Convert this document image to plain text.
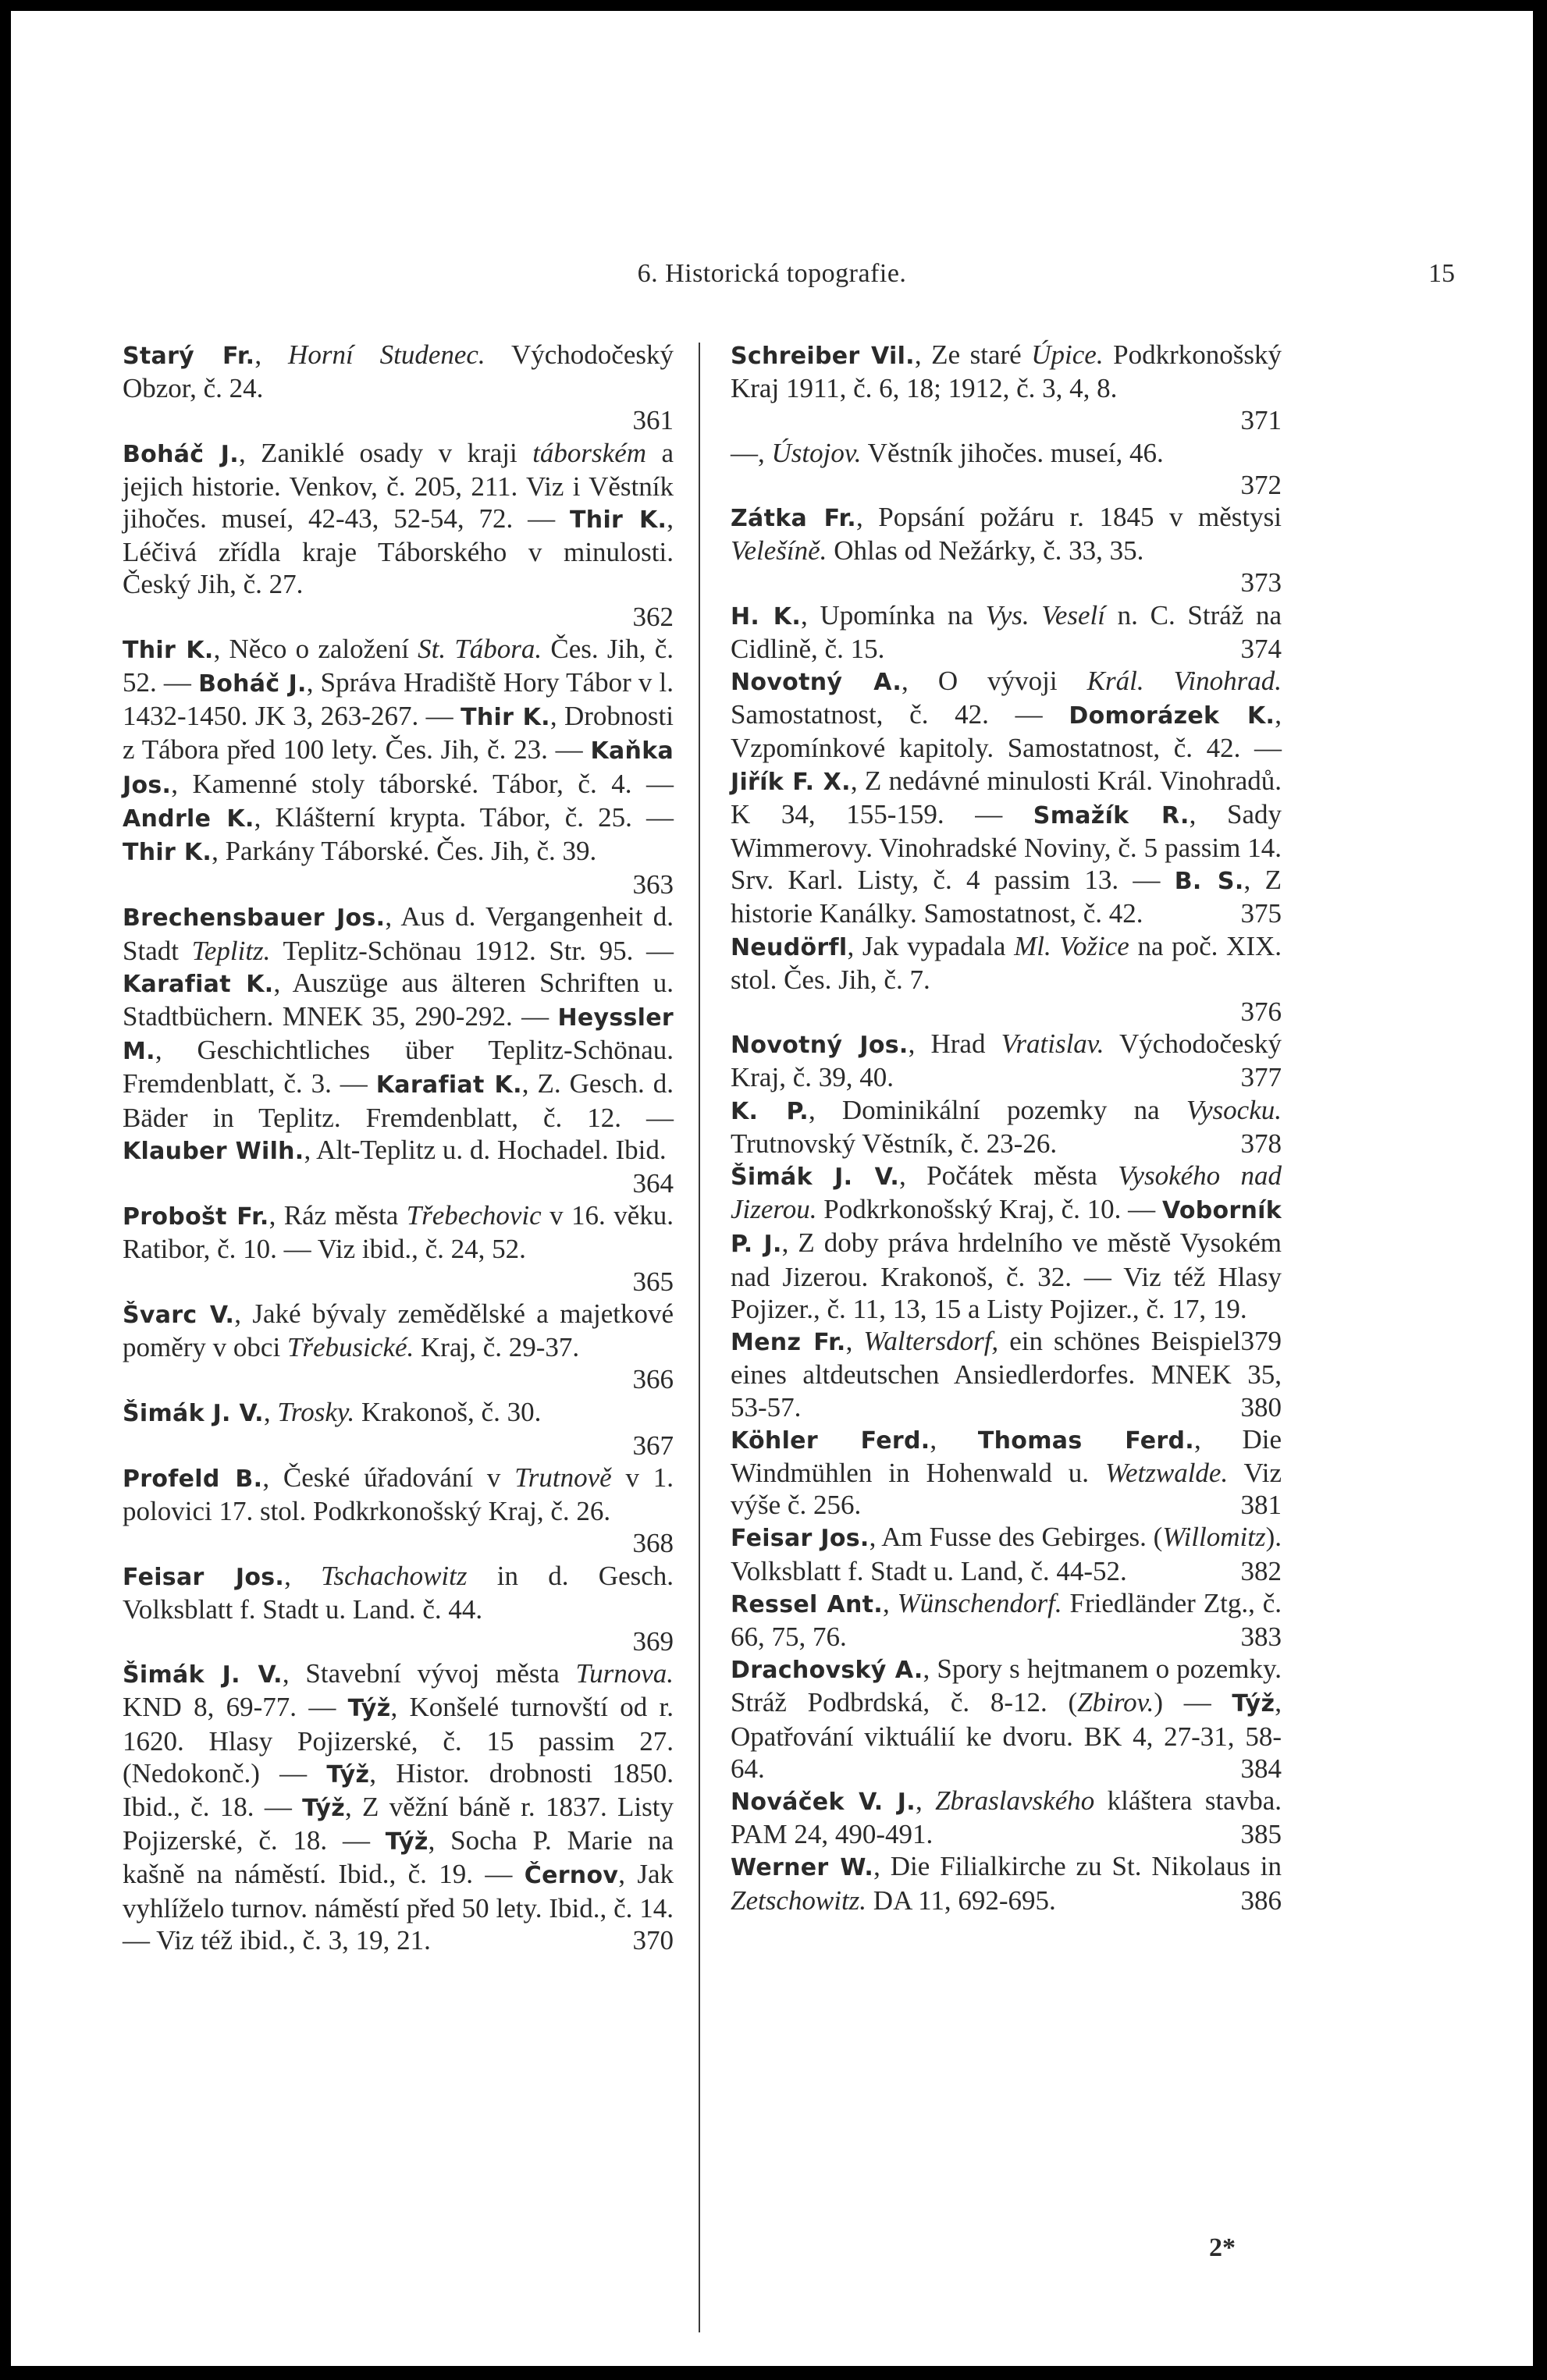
6. Historická topografie.	15

Starý Fr., Horní Studenec. Východočeský Obzor, č. 24.
361

Boháč J., Zaniklé osady v kraji táborském a jejich historie. Venkov, č. 205, 211. Viz i Věstník jihočes. museí, 42-43, 52-54, 72. — Thir K., Léčivá zřídla kraje Táborského v minulosti. Český Jih, č. 27.
362

Thir K., Něco o založení St. Tábora. Čes. Jih, č. 52. — Boháč J., Správa Hradiště Hory Tábor v l. 1432-1450. JK 3, 263-267. — Thir K., Drobnosti z Tábora před 100 lety. Čes. Jih, č. 23. — Kaňka Jos., Kamenné stoly táborské. Tábor, č. 4. — Andrle K., Klášterní krypta. Tábor, č. 25. — Thir K., Parkány Táborské. Čes. Jih, č. 39.
363

Brechensbauer Jos., Aus d. Vergangenheit d. Stadt Teplitz. Teplitz-Schönau 1912. Str. 95. — Karafiat K., Auszüge aus älteren Schriften u. Stadtbüchern. MNEK 35, 290-292. — Heyssler M., Geschichtliches über Teplitz-Schönau. Fremdenblatt, č. 3. — Karafiat K., Z. Gesch. d. Bäder in Teplitz. Fremdenblatt, č. 12. — Klauber Wilh., Alt-Teplitz u. d. Hochadel. Ibid.
364

Probošt Fr., Ráz města Třebechovic v 16. věku. Ratibor, č. 10. — Viz ibid., č. 24, 52.
365

Švarc V., Jaké bývaly zemědělské a majetkové poměry v obci Třebusické. Kraj, č. 29-37.
366

Šimák J. V., Trosky. Krakonoš, č. 30.
367

Profeld B., České úřadování v Trutnově v 1. polovici 17. stol. Podkrkonošský Kraj, č. 26.
368

Feisar Jos., Tschachowitz in d. Gesch. Volksblatt f. Stadt u. Land. č. 44.
369

Šimák J. V., Stavební vývoj města Turnova. KND 8, 69-77. — Týž, Konšelé turnovští od r. 1620. Hlasy Pojizerské, č. 15 passim 27. (Nedokonč.) — Týž, Histor. drobnosti 1850. Ibid., č. 18. — Týž, Z věžní báně r. 1837. Listy Pojizerské, č. 18. — Týž, Socha P. Marie na kašně na náměstí. Ibid., č. 19. — Černov, Jak vyhlíželo turnov. náměstí před 50 lety. Ibid., č. 14. — Viz též ibid., č. 3, 19, 21.	370

Schreiber Vil., Ze staré Úpice. Podkrkonošský Kraj 1911, č. 6, 18; 1912, č. 3, 4, 8.
371

—, Ústojov. Věstník jihočes. museí, 46.
372

Zátka Fr., Popsání požáru r. 1845 v městysi Velešíně. Ohlas od Nežárky, č. 33, 35.
373

H. K., Upomínka na Vys. Veselí n. C. Stráž na Cidlině, č. 15.	374

Novotný A., O vývoji Král. Vinohrad. Samostatnost, č. 42. — Domorázek K., Vzpomínkové kapitoly. Samostatnost, č. 42. — Jiřík F. X., Z nedávné minulosti Král. Vinohradů. K 34, 155-159. — Smažík R., Sady Wimmerovy. Vinohradské Noviny, č. 5 passim 14. Srv. Karl. Listy, č. 4 passim 13. — B. S., Z historie Kanálky. Samostatnost, č. 42.	375

Neudörfl, Jak vypadala Ml. Vožice na poč. XIX. stol. Čes. Jih, č. 7.
376

Novotný Jos., Hrad Vratislav. Východočeský Kraj, č. 39, 40.	377

K. P., Dominikální pozemky na Vysocku. Trutnovský Věstník, č. 23-26.	378

Šimák J. V., Počátek města Vysokého nad Jizerou. Podkrkonošský Kraj, č. 10. — Voborník P. J., Z doby práva hrdelního ve městě Vysokém nad Jizerou. Krakonoš, č. 32. — Viz též Hlasy Pojizer., č. 11, 13, 15 a Listy Pojizer., č. 17, 19.
379

Menz Fr., Waltersdorf, ein schönes Beispiel eines altdeutschen Ansiedlerdorfes. MNEK 35, 53-57.	380

Köhler Ferd., Thomas Ferd., Die Windmühlen in Hohenwald u. Wetzwalde. Viz výše č. 256.	381

Feisar Jos., Am Fusse des Gebirges. (Willomitz). Volksblatt f. Stadt u. Land, č. 44-52.	382

Ressel Ant., Wünschendorf. Friedländer Ztg., č. 66, 75, 76.	383

Drachovský A., Spory s hejtmanem o pozemky. Stráž Podbrdská, č. 8-12. (Zbirov.) — Týž, Opatřování viktuálií ke dvoru. BK 4, 27-31, 58-64.	384

Nováček V. J., Zbraslavského kláštera stavba. PAM 24, 490-491.	385

Werner W., Die Filialkirche zu St. Nikolaus in Zetschowitz. DA 11, 692-695.	386

2*
